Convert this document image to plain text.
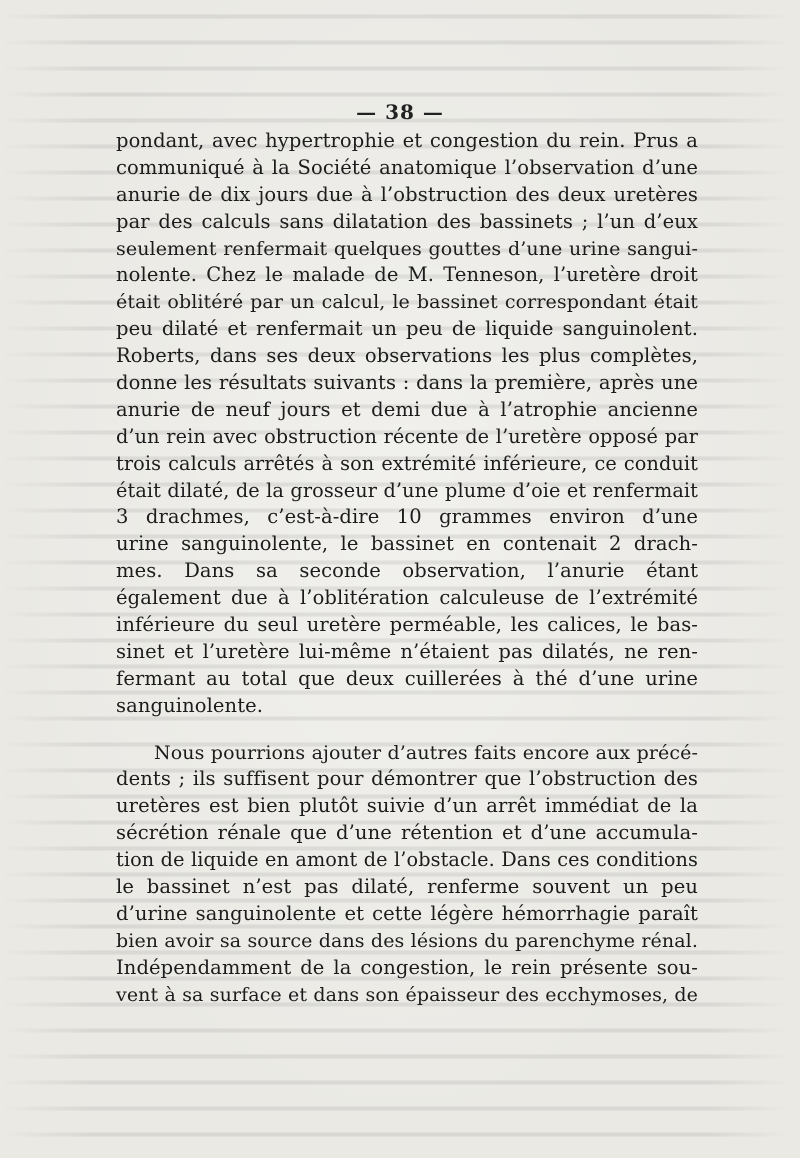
— 38 —
pondant, avec hypertrophie et congestion du rein. Prus a
communiqué à la Société anatomique l’observation d’une
anurie de dix jours due à l’obstruction des deux uretères
par des calculs sans dilatation des bassinets ; l’un d’eux
seulement renfermait quelques gouttes d’une urine sangui-
nolente. Chez le malade de M. Tenneson, l’uretère droit
était oblitéré par un calcul, le bassinet correspondant était
peu dilaté et renfermait un peu de liquide sanguinolent.
Roberts, dans ses deux observations les plus complètes,
donne les résultats suivants : dans la première, après une
anurie de neuf jours et demi due à l’atrophie ancienne
d’un rein avec obstruction récente de l’uretère opposé par
trois calculs arrêtés à son extrémité inférieure, ce conduit
était dilaté, de la grosseur d’une plume d’oie et renfermait
3 drachmes, c’est-à-dire 10 grammes environ d’une
urine sanguinolente, le bassinet en contenait 2 drach-
mes. Dans sa seconde observation, l’anurie étant
également due à l’oblitération calculeuse de l’extrémité
inférieure du seul uretère perméable, les calices, le bas-
sinet et l’uretère lui-même n’étaient pas dilatés, ne ren-
fermant au total que deux cuillerées à thé d’une urine
sanguinolente.
Nous pourrions ajouter d’autres faits encore aux précé-
dents ; ils suffisent pour démontrer que l’obstruction des
uretères est bien plutôt suivie d’un arrêt immédiat de la
sécrétion rénale que d’une rétention et d’une accumula-
tion de liquide en amont de l’obstacle. Dans ces conditions
le bassinet n’est pas dilaté, renferme souvent un peu
d’urine sanguinolente et cette légère hémorrhagie paraît
bien avoir sa source dans des lésions du parenchyme rénal.
Indépendamment de la congestion, le rein présente sou-
vent à sa surface et dans son épaisseur des ecchymoses, de
